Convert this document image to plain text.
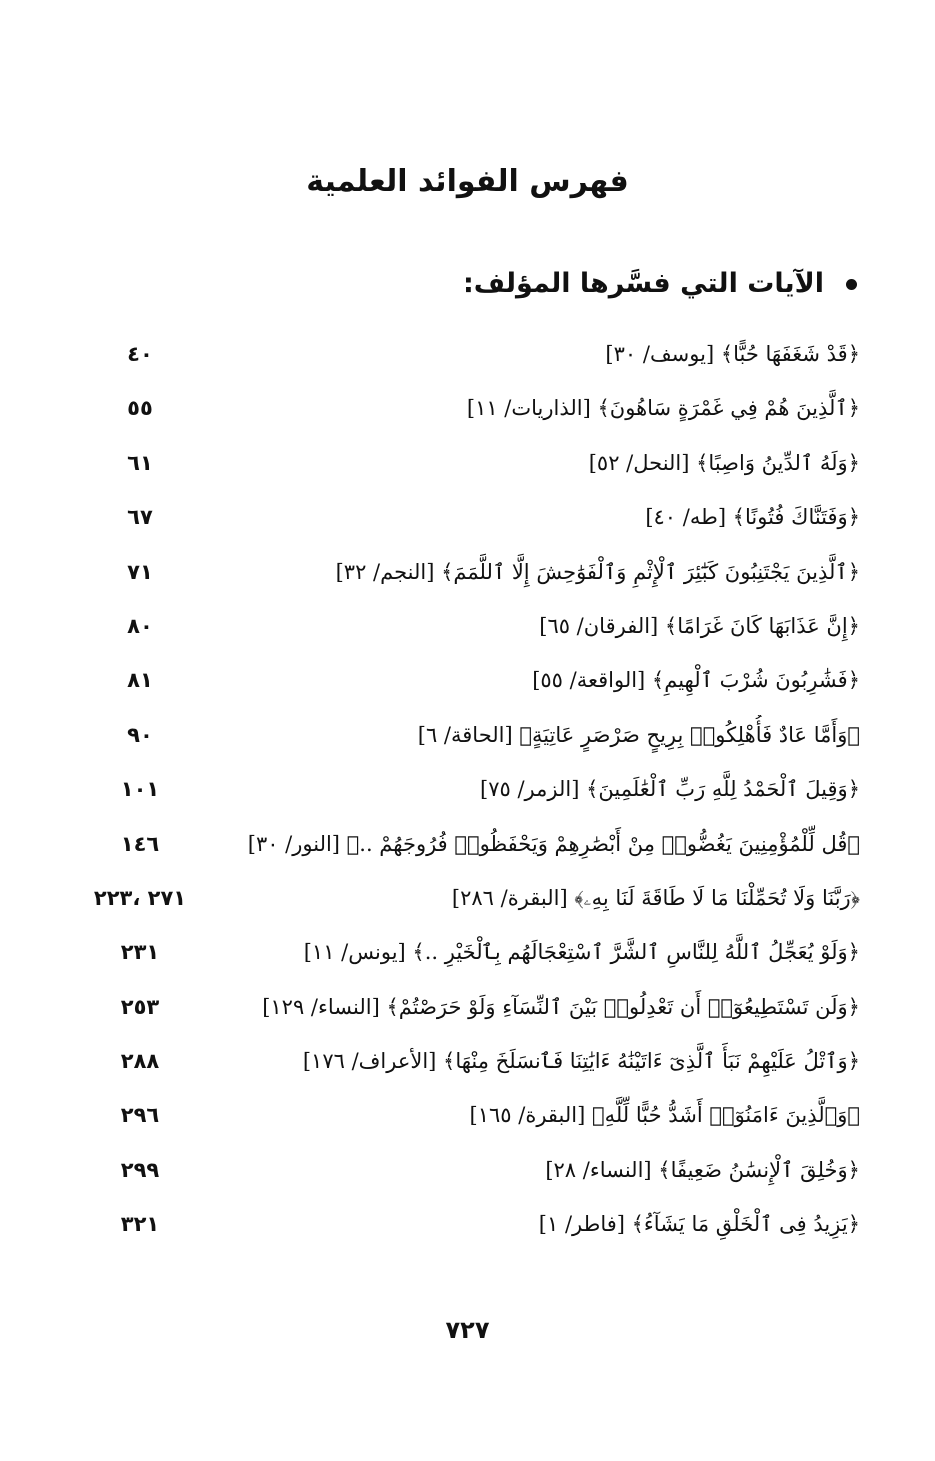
فهرس الفوائد العلمية
الآيات التي فسَّرها المؤلف:
﴿قَدْ شَغَفَهَا حُبًّا﴾ [يوسف/ ٣٠]
٤٠
﴿ٱلَّذِينَ هُمْ فِي غَمْرَةٍ سَاهُونَ﴾ [الذاريات/ ١١]
٥٥
﴿وَلَهُ ٱلدِّينُ وَاصِبًا﴾ [النحل/ ٥٢]
٦١
﴿وَفَتَنَّاكَ فُتُونًا﴾ [طه/ ٤٠]
٦٧
﴿ٱلَّذِينَ يَجْتَنِبُونَ كَبَٰٓئِرَ ٱلْإِثْمِ وَٱلْفَوَٰحِشَ إِلَّا ٱللَّمَمَ﴾ [النجم/ ٣٢]
٧١
﴿إِنَّ عَذَابَهَا كَانَ غَرَامًا﴾ [الفرقان/ ٦٥]
٨٠
﴿فَشَٰرِبُونَ شُرْبَ ٱلْهِيمِ﴾ [الواقعة/ ٥٥]
٨١
﴿وَأَمَّا عَادٌ فَأُهْلِكُوا۟ بِرِيحٍ صَرْصَرٍ عَاتِيَةٍ﴾ [الحاقة/ ٦]
٩٠
﴿وَقِيلَ ٱلْحَمْدُ لِلَّهِ رَبِّ ٱلْعَٰلَمِينَ﴾ [الزمر/ ٧٥]
١٠١
﴿قُل لِّلْمُؤْمِنِينَ يَغُضُّوا۟ مِنْ أَبْصَٰرِهِمْ وَيَحْفَظُوا۟ فُرُوجَهُمْ ..﴾ [النور/ ٣٠]
١٤٦
﴿رَبَّنَا وَلَا تُحَمِّلْنَا مَا لَا طَاقَةَ لَنَا بِهِۦ﴾ [البقرة/ ٢٨٦]
٢٧١ ،٢٢٣
﴿وَلَوْ يُعَجِّلُ ٱللَّهُ لِلنَّاسِ ٱلشَّرَّ ٱسْتِعْجَالَهُم بِٱلْخَيْرِ ..﴾ [يونس/ ١١]
٢٣١
﴿وَلَن تَسْتَطِيعُوٓا۟ أَن تَعْدِلُوا۟ بَيْنَ ٱلنِّسَآءِ وَلَوْ حَرَصْتُمْ﴾ [النساء/ ١٢٩]
٢٥٣
﴿وَٱتْلُ عَلَيْهِمْ نَبَأَ ٱلَّذِىٓ ءَاتَيْنَٰهُ ءَايَٰتِنَا فَٱنسَلَخَ مِنْهَا﴾ [الأعراف/ ١٧٦]
٢٨٨
﴿وَٱلَّذِينَ ءَامَنُوٓا۟ أَشَدُّ حُبًّا لِّلَّهِ﴾ [البقرة/ ١٦٥]
٢٩٦
﴿وَخُلِقَ ٱلْإِنسَٰنُ ضَعِيفًا﴾ [النساء/ ٢٨]
٢٩٩
﴿يَزِيدُ فِى ٱلْخَلْقِ مَا يَشَآءُ﴾ [فاطر/ ١]
٣٢١
٧٢٧
